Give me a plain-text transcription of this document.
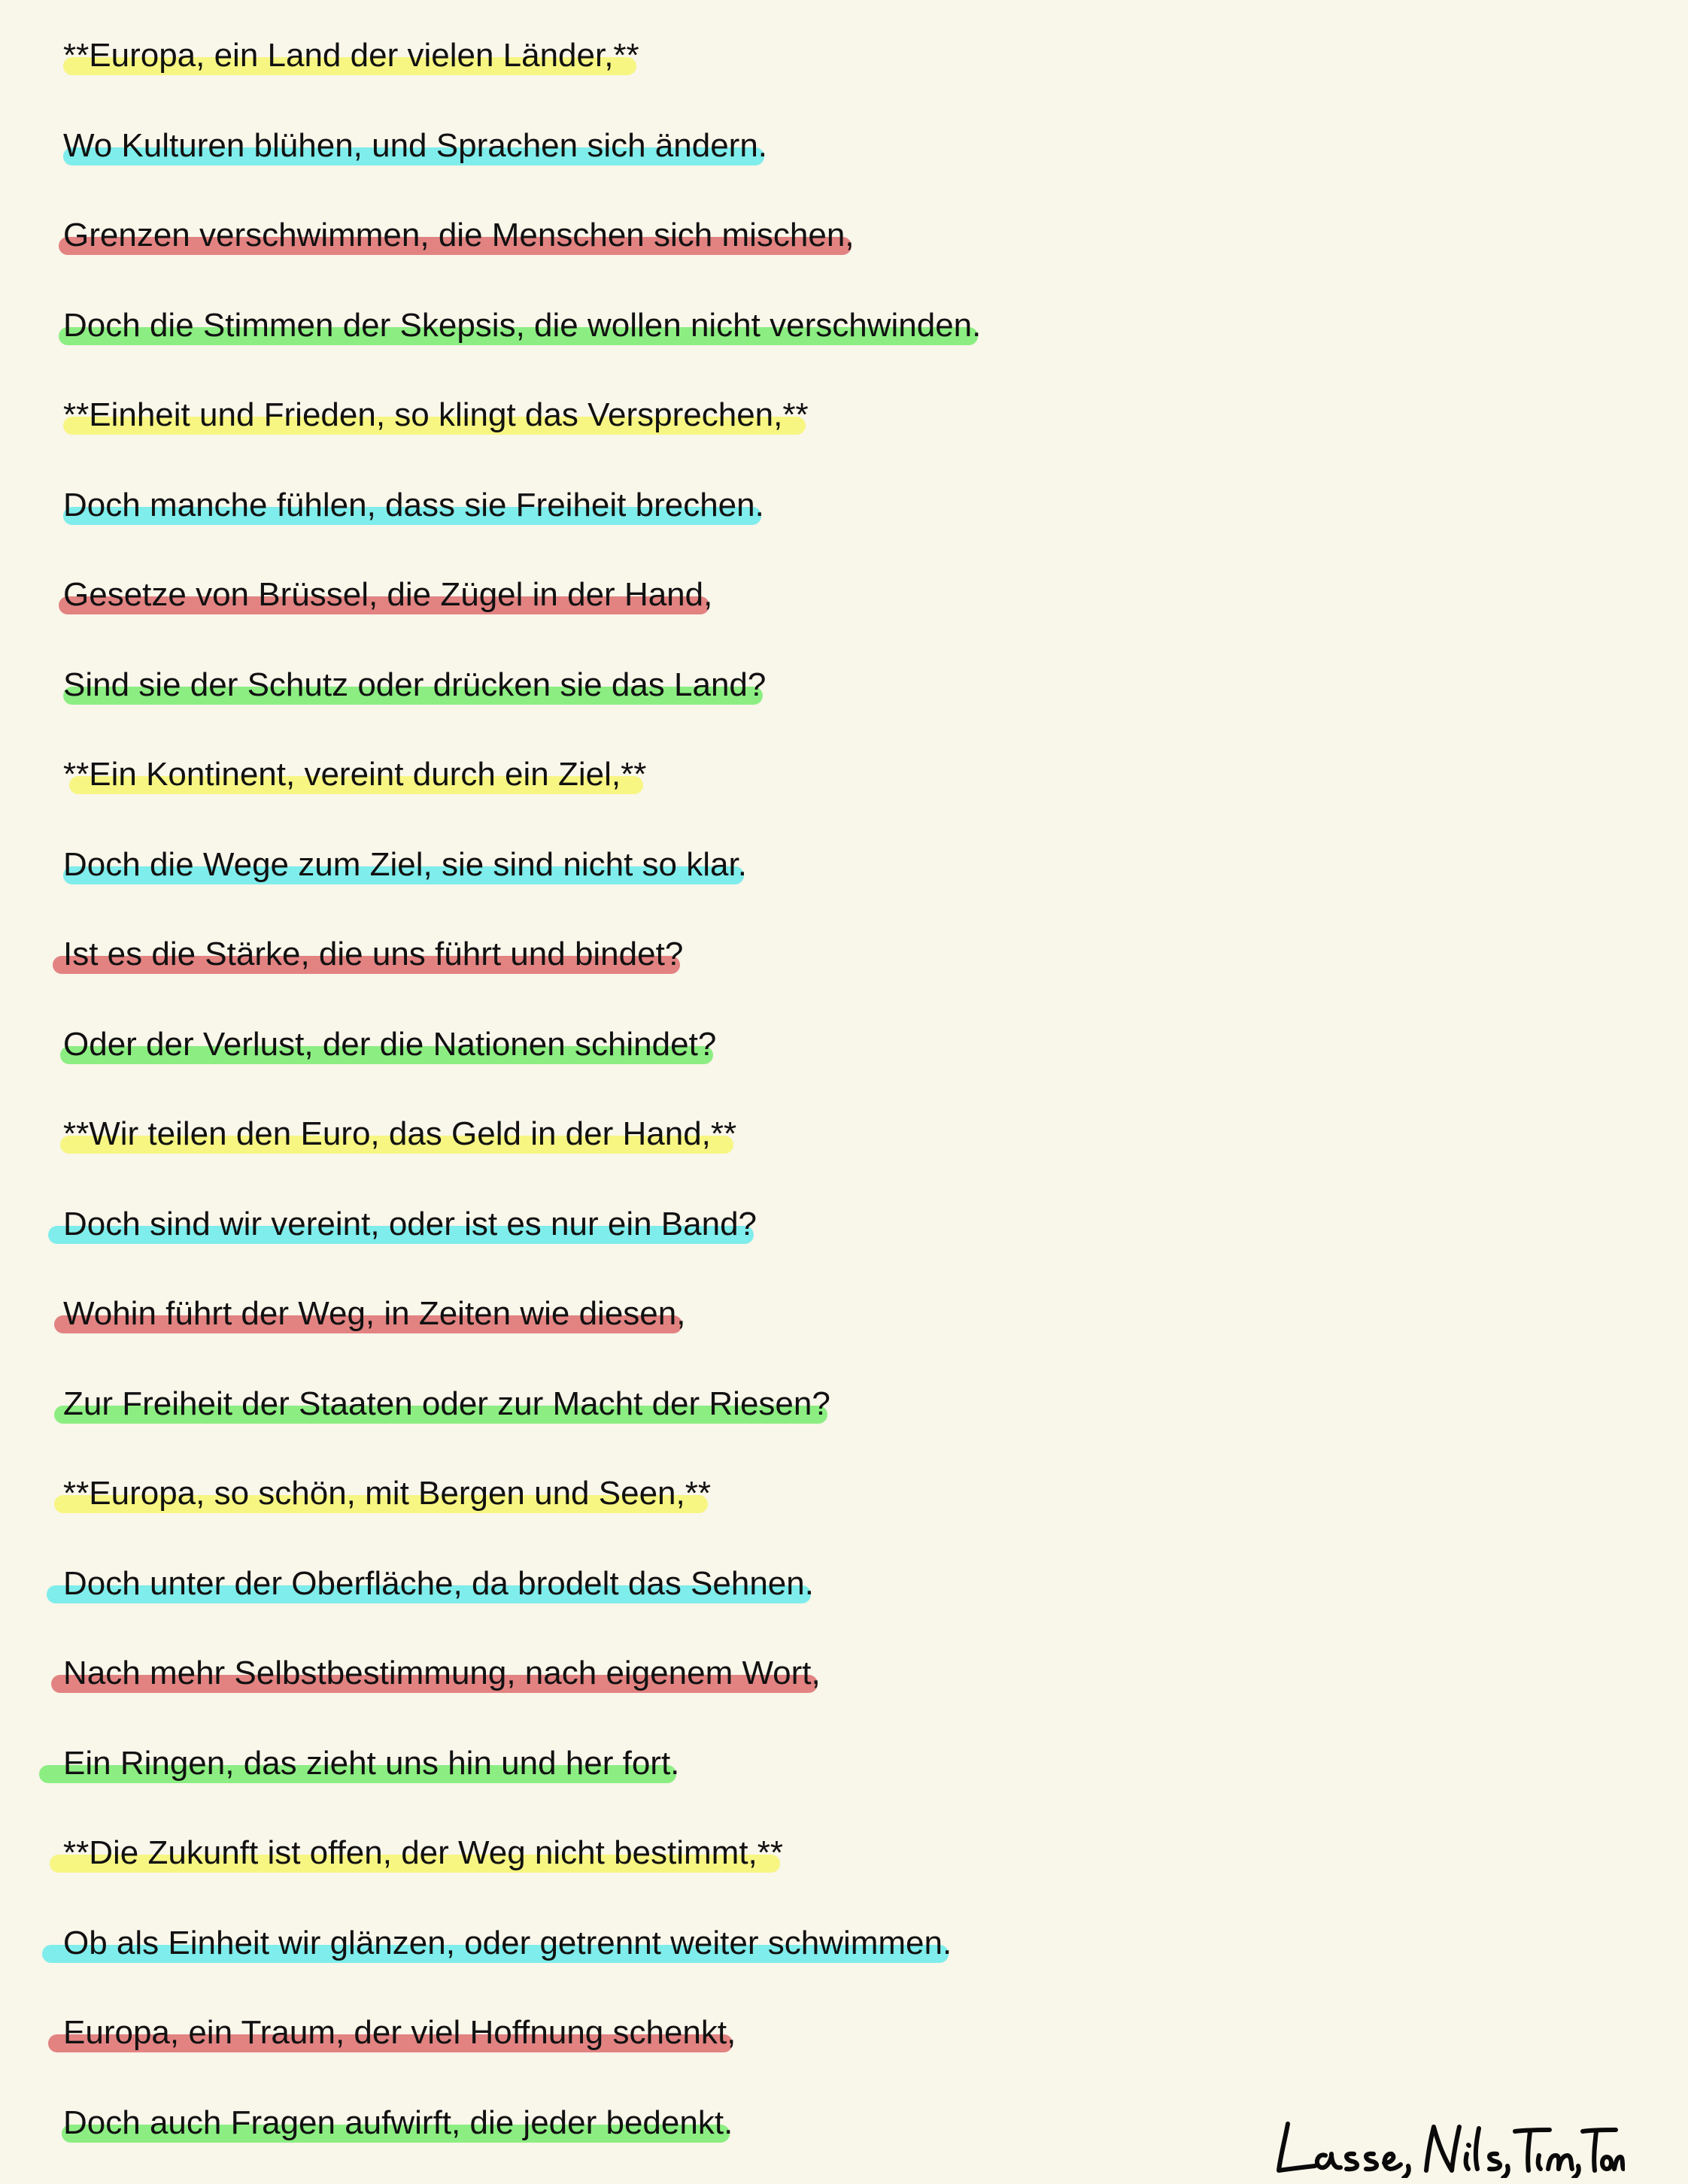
**Europa, ein Land der vielen Länder,**
Wo Kulturen blühen, und Sprachen sich ändern.
Grenzen verschwimmen, die Menschen sich mischen,
Doch die Stimmen der Skepsis, die wollen nicht verschwinden.
**Einheit und Frieden, so klingt das Versprechen,**
Doch manche fühlen, dass sie Freiheit brechen.
Gesetze von Brüssel, die Zügel in der Hand,
Sind sie der Schutz oder drücken sie das Land?
**Ein Kontinent, vereint durch ein Ziel,**
Doch die Wege zum Ziel, sie sind nicht so klar.
Ist es die Stärke, die uns führt und bindet?
Oder der Verlust, der die Nationen schindet?
**Wir teilen den Euro, das Geld in der Hand,**
Doch sind wir vereint, oder ist es nur ein Band?
Wohin führt der Weg, in Zeiten wie diesen,
Zur Freiheit der Staaten oder zur Macht der Riesen?
**Europa, so schön, mit Bergen und Seen,**
Doch unter der Oberfläche, da brodelt das Sehnen.
Nach mehr Selbstbestimmung, nach eigenem Wort,
Ein Ringen, das zieht uns hin und her fort.
**Die Zukunft ist offen, der Weg nicht bestimmt,**
Ob als Einheit wir glänzen, oder getrennt weiter schwimmen.
Europa, ein Traum, der viel Hoffnung schenkt,
Doch auch Fragen aufwirft, die jeder bedenkt.
